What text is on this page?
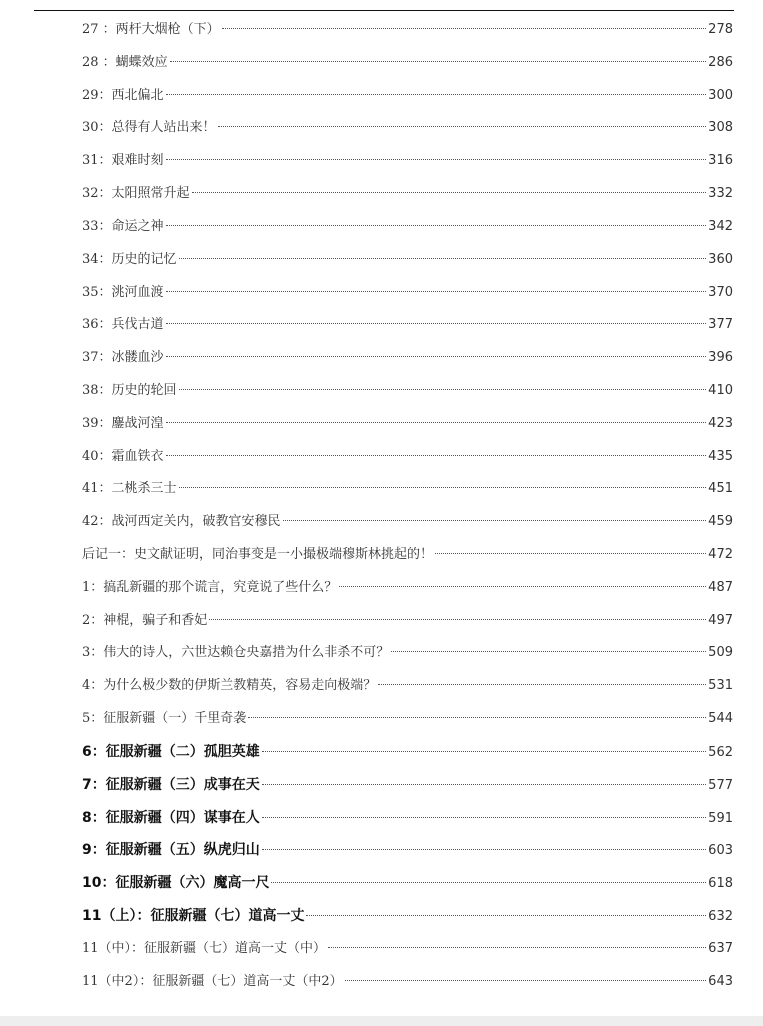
27 ：两杆大烟枪（下）	278
28 ：蝴蝶效应	286
29：西北偏北	300
30：总得有人站出来！	308
31：艰难时刻	316
32：太阳照常升起	332
33：命运之神	342
34：历史的记忆	360
35：洮河血渡	370
36：兵伐古道	377
37：冰髅血沙	396
38：历史的轮回	410
39：鏖战河湟	423
40：霜血铁衣	435
41：二桃杀三士	451
42：战河西定关内，破教官安穆民	459
后记一：史文献证明，同治事变是一小撮极端穆斯林挑起的！	472
1：搞乱新疆的那个谎言，究竟说了些什么？	487
2：神棍，骗子和香妃	497
3：伟大的诗人，六世达赖仓央嘉措为什么非杀不可？	509
4：为什么极少数的伊斯兰教精英，容易走向极端？	531
5：征服新疆（一）千里奇袭	544
6：征服新疆（二）孤胆英雄	562
7：征服新疆（三）成事在天	577
8：征服新疆（四）谋事在人	591
9：征服新疆（五）纵虎归山	603
10：征服新疆（六）魔高一尺	618
11（上）：征服新疆（七）道高一丈	632
11（中）：征服新疆（七）道高一丈（中）	637
11（中2）：征服新疆（七）道高一丈（中2）	643
